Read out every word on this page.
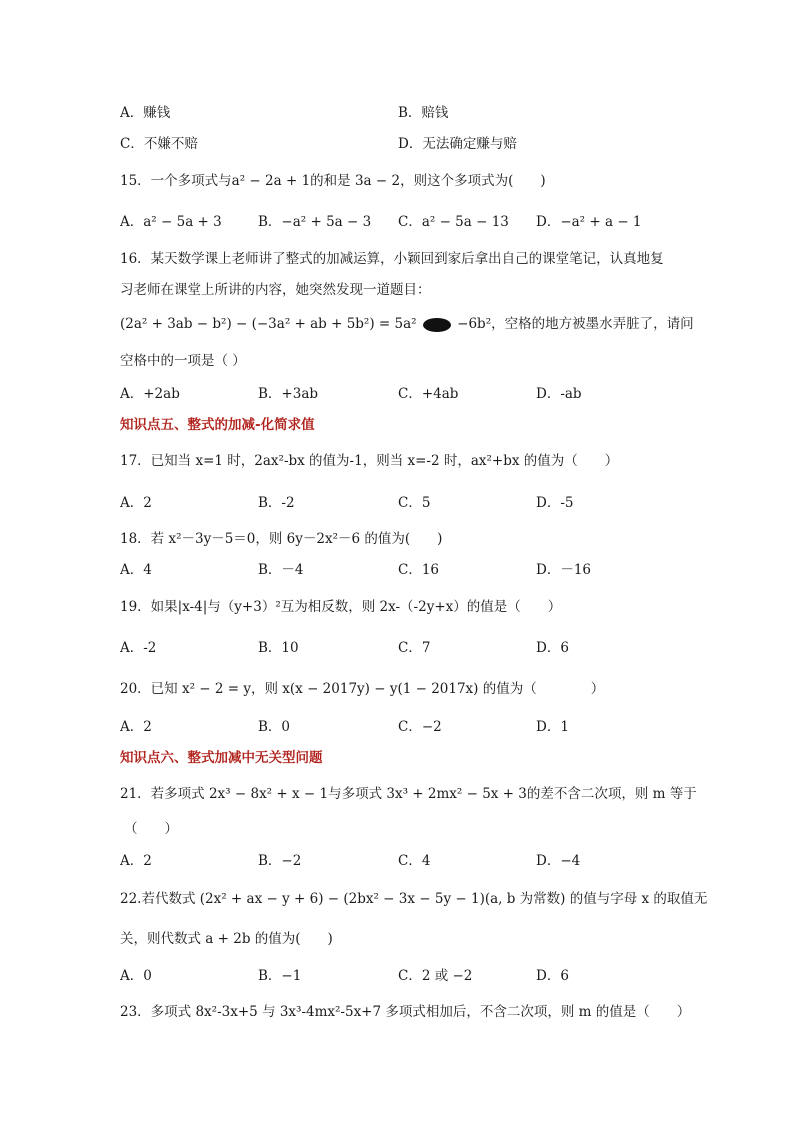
A．赚钱	B．赔钱
C．不嫌不赔	D．无法确定赚与赔
15．一个多项式与a² − 2a + 1的和是 3a − 2，则这个多项式为(　　)
A．a² − 5a + 3	B．−a² + 5a − 3 C．a² − 5a − 13 D．−a² + a − 1
16．某天数学课上老师讲了整式的加减运算，小颖回到家后拿出自己的课堂笔记，认真地复
习老师在课堂上所讲的内容，她突然发现一道题目：
(2a² + 3ab − b²) − (−3a² + ab + 5b²) = 5a²	−6b²，空格的地方被墨水弄脏了，请问
空格中的一项是（ ）
A．+2ab	B．+3ab	C．+4ab	D．-ab
知识点五、整式的加减-化简求值
17．已知当 x=1 时，2ax²-bx 的值为-1，则当 x=-2 时，ax²+bx 的值为（　　）
A．2	B．-2	C．5	D．-5
18．若 x²－3y－5＝0，则 6y－2x²－6 的值为(　　)
A．4	B．－4	C．16	D．－16
19．如果|x-4|与（y+3）²互为相反数，则 2x-（-2y+x）的值是（　　）
A．-2	B．10	C．7	D．6
20．已知 x² − 2 = y，则 x(x − 2017y) − y(1 − 2017x) 的值为（　　　　）
A．2	B．0	C．−2	D．1
知识点六、整式加减中无关型问题
21．若多项式 2x³ − 8x² + x − 1与多项式 3x³ + 2mx² − 5x + 3的差不含二次项，则 m 等于
（　　）
A．2	B．−2	C．4	D．−4
22.若代数式 (2x² + ax − y + 6) − (2bx² − 3x − 5y − 1)(a, b 为常数) 的值与字母 x 的取值无
关，则代数式 a + 2b 的值为(　　)
A．0	B．−1	C．2 或 −2	D．6
23．多项式 8x²-3x+5 与 3x³-4mx²-5x+7 多项式相加后，不含二次项，则 m 的值是（　　）
